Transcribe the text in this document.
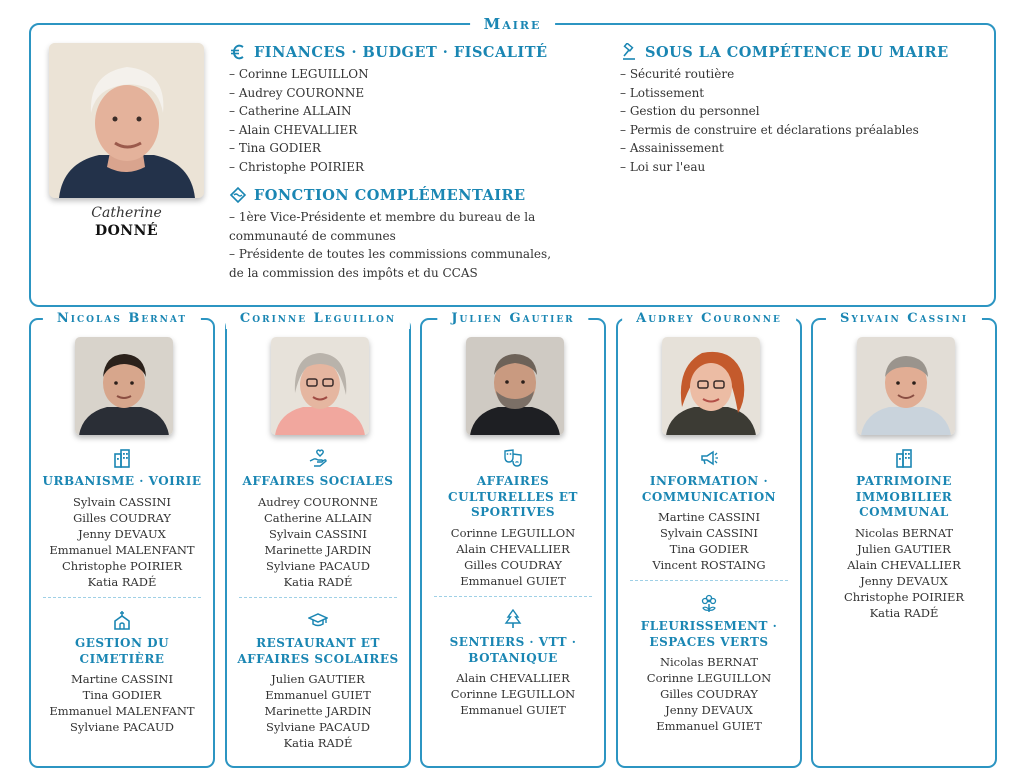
Maire
Catherine
DONNÉ
FINANCES · BUDGET · FISCALITÉ
– Corinne LEGUILLON
– Audrey COURONNE
– Catherine ALLAIN
– Alain CHEVALLIER
– Tina GODIER
– Christophe POIRIER
FONCTION COMPLÉMENTAIRE
– 1ère Vice-Présidente et membre du bureau de la communauté de communes
– Présidente de toutes les commissions communales, de la commission des impôts et du CCAS
SOUS LA COMPÉTENCE DU MAIRE
– Sécurité routière
– Lotissement
– Gestion du personnel
– Permis de construire et déclarations préalables
– Assainissement
– Loi sur l'eau
Nicolas Bernat
URBANISME · VOIRIE
Sylvain CASSINI
Gilles COUDRAY
Jenny DEVAUX
Emmanuel MALENFANT
Christophe POIRIER
Katia RADÉ
GESTION DU CIMETIÈRE
Martine CASSINI
Tina GODIER
Emmanuel MALENFANT
Sylviane PACAUD
Corinne Leguillon
AFFAIRES SOCIALES
Audrey COURONNE
Catherine ALLAIN
Sylvain CASSINI
Marinette JARDIN
Sylviane PACAUD
Katia RADÉ
RESTAURANT ET AFFAIRES SCOLAIRES
Julien GAUTIER
Emmanuel GUIET
Marinette JARDIN
Sylviane PACAUD
Katia RADÉ
Julien Gautier
AFFAIRES CULTURELLES ET SPORTIVES
Corinne LEGUILLON
Alain CHEVALLIER
Gilles COUDRAY
Emmanuel GUIET
SENTIERS · VTT · BOTANIQUE
Alain CHEVALLIER
Corinne LEGUILLON
Emmanuel GUIET
Audrey Couronne
INFORMATION · COMMUNICATION
Martine CASSINI
Sylvain CASSINI
Tina GODIER
Vincent ROSTAING
FLEURISSEMENT · ESPACES VERTS
Nicolas BERNAT
Corinne LEGUILLON
Gilles COUDRAY
Jenny DEVAUX
Emmanuel GUIET
Sylvain Cassini
PATRIMOINE IMMOBILIER COMMUNAL
Nicolas BERNAT
Julien GAUTIER
Alain CHEVALLIER
Jenny DEVAUX
Christophe POIRIER
Katia RADÉ
